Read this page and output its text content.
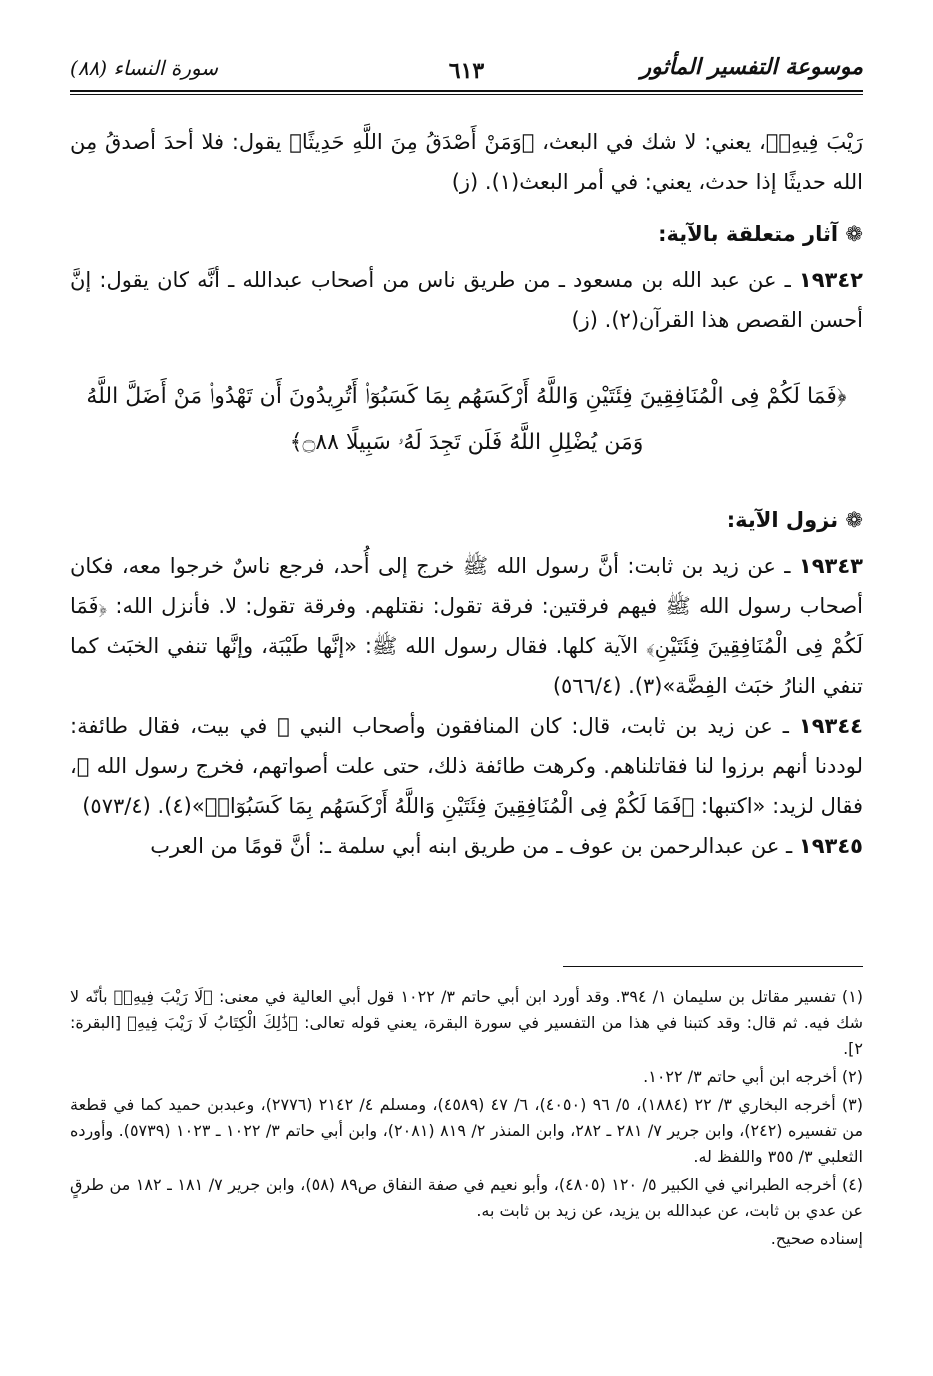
موسوعة التفسير المأثور
٦١٣
سورة النساء (٨٨)

رَيْبَ فِيهِۗ﴾، يعني: لا شك في البعث، ﴿وَمَنْ أَصْدَقُ مِنَ اللَّهِ حَدِيثًا﴾ يقول: فلا أحدَ أصدقُ مِن الله حديثًا إذا حدث، يعني: في أمر البعث(١). (ز)

❁ آثار متعلقة بالآية:

١٩٣٤٢ ـ عن عبد الله بن مسعود ـ من طريق ناس من أصحاب عبدالله ـ أنَّه كان يقول: إنَّ أحسن القصص هذا القرآن(٢). (ز)

﴿فَمَا لَكُمْ فِى الْمُنَافِقِينَ فِئَتَيْنِ وَاللَّهُ أَرْكَسَهُم بِمَا كَسَبُوٓا۟ أَتُرِيدُونَ أَن تَهْدُوا۟ مَنْ أَضَلَّ اللَّهُ وَمَن يُضْلِلِ اللَّهُ فَلَن تَجِدَ لَهُۥ سَبِيلًا ۝٨٨﴾
❁ نزول الآية:

١٩٣٤٣ ـ عن زيد بن ثابت: أنَّ رسول الله ﷺ خرج إلى أُحد، فرجع ناسٌ خرجوا معه، فكان أصحاب رسول الله ﷺ فيهم فرقتين: فرقة تقول: نقتلهم. وفرقة تقول: لا. فأنزل الله: ﴿فَمَا لَكُمْ فِى الْمُنَافِقِينَ فِئَتَيْنِ﴾ الآية كلها. فقال رسول الله ﷺ: «إنَّها طَيْبَة، وإنَّها تنفي الخبَث كما تنفي النارُ خبَث الفِضَّة»(٣). (٥٦٦/٤)

١٩٣٤٤ ـ عن زيد بن ثابت، قال: كان المنافقون وأصحاب النبي ﷺ في بيت، فقال طائفة: لوددنا أنهم برزوا لنا فقاتلناهم. وكرهت طائفة ذلك، حتى علت أصواتهم، فخرج رسول الله ﷺ، فقال لزيد: «اكتبها: ﴿فَمَا لَكُمْ فِى الْمُنَافِقِينَ فِئَتَيْنِ وَاللَّهُ أَرْكَسَهُم بِمَا كَسَبُوٓا۟﴾»(٤). (٥٧٣/٤)

١٩٣٤٥ ـ عن عبدالرحمن بن عوف ـ من طريق ابنه أبي سلمة ـ: أنَّ قومًا من العرب

(١) تفسير مقاتل بن سليمان ١/ ٣٩٤. وقد أورد ابن أبي حاتم ٣/ ١٠٢٢ قول أبي العالية في معنى: ﴿لَا رَيْبَ فِيهِۗ﴾ بأنّه لا شك فيه. ثم قال: وقد كتبنا في هذا من التفسير في سورة البقرة، يعني قوله تعالى: ﴿ذَٰلِكَ الْكِتَابُ لَا رَيْبَ فِيهِ﴾ [البقرة: ٢].

(٢) أخرجه ابن أبي حاتم ٣/ ١٠٢٢.

(٣) أخرجه البخاري ٣/ ٢٢ (١٨٨٤)، ٥/ ٩٦ (٤٠٥٠)، ٦/ ٤٧ (٤٥٨٩)، ومسلم ٤/ ٢١٤٢ (٢٧٧٦)، وعبدبن حميد كما في قطعة من تفسيره (٢٤٢)، وابن جرير ٧/ ٢٨١ ـ ٢٨٢، وابن المنذر ٢/ ٨١٩ (٢٠٨١)، وابن أبي حاتم ٣/ ١٠٢٢ ـ ١٠٢٣ (٥٧٣٩). وأورده الثعلبي ٣/ ٣٥٥ واللفظ له.

(٤) أخرجه الطبراني في الكبير ٥/ ١٢٠ (٤٨٠٥)، وأبو نعيم في صفة النفاق ص٨٩ (٥٨)، وابن جرير ٧/ ١٨١ ـ ١٨٢ من طرقٍ عن عدي بن ثابت، عن عبدالله بن يزيد، عن زيد بن ثابت به.

إسناده صحيح.
